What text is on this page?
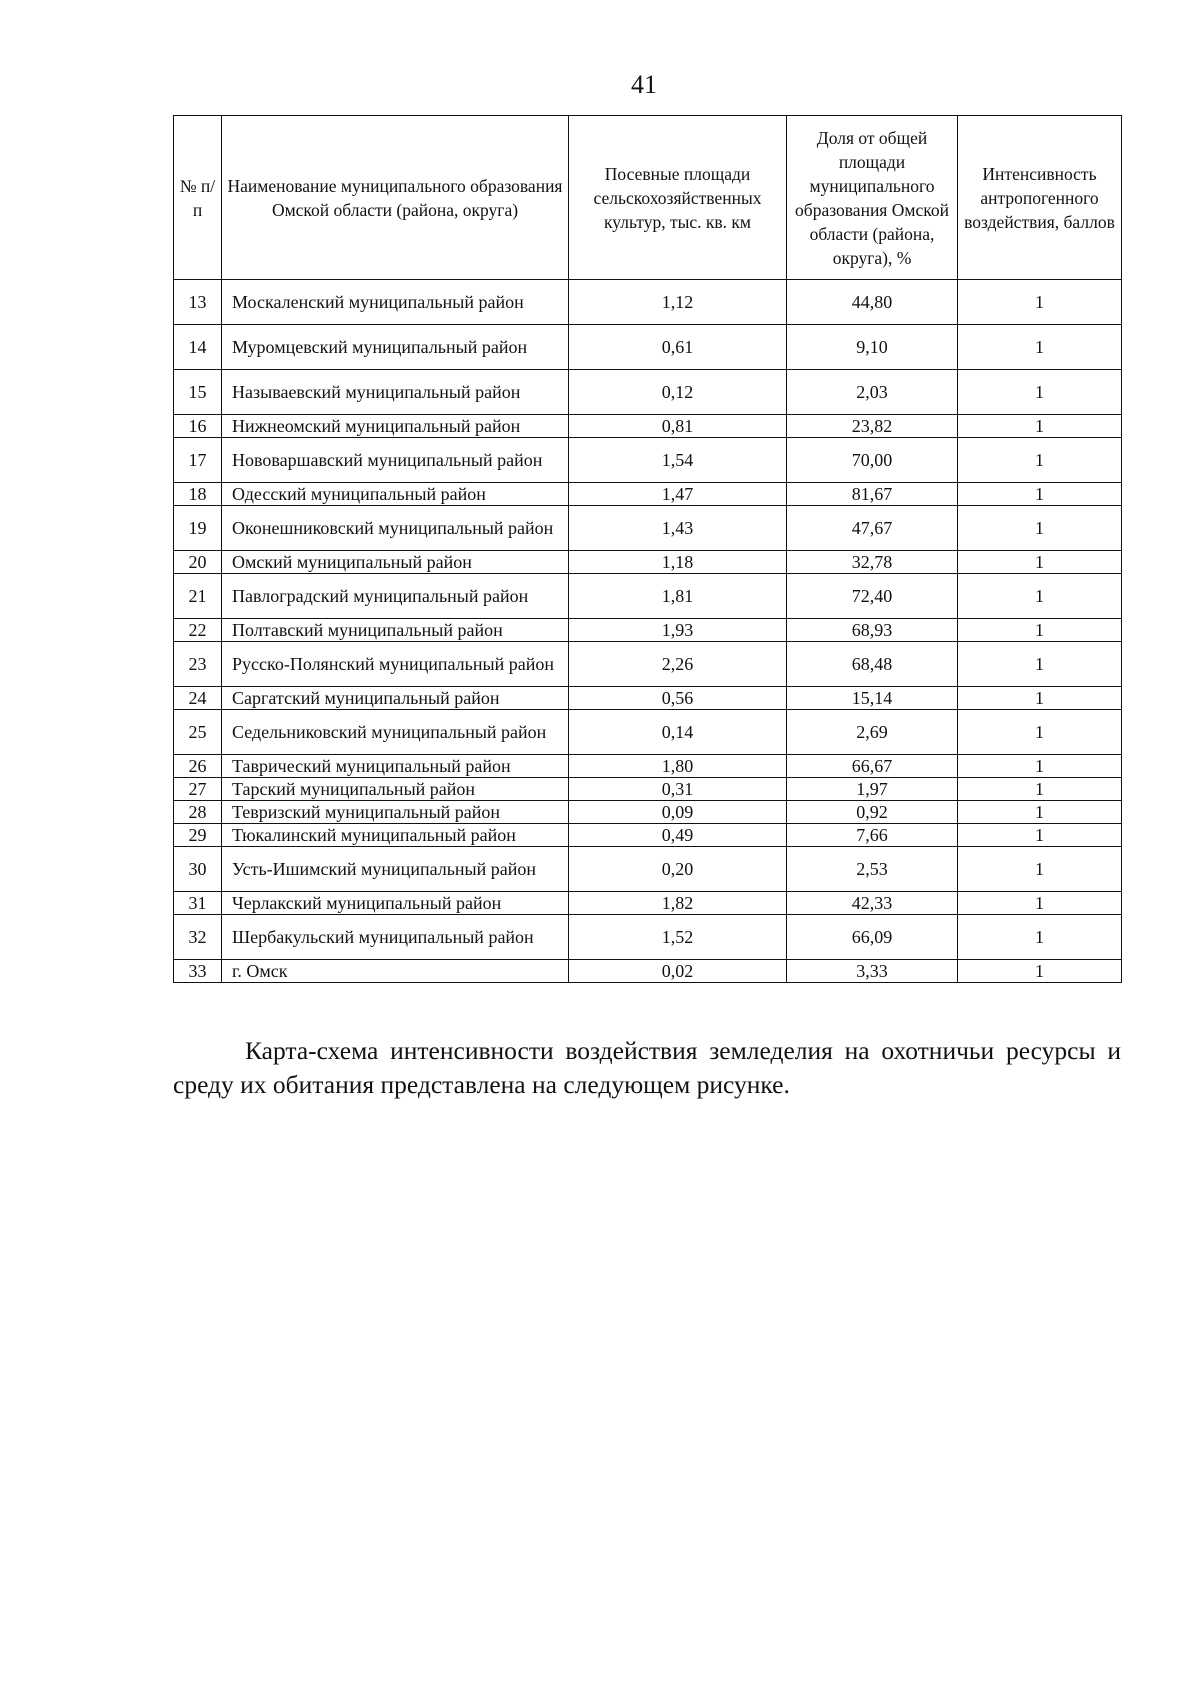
41
№ п/п	Наименование муниципального образования Омской области (района, округа)	Посевные площади сельскохозяйственных культур, тыс. кв. км	Доля от общей площади муниципального образования Омской области (района, округа), %	Интенсивность антропогенного воздействия, баллов
13	Москаленский муниципальный район	1,12	44,80	1
14	Муромцевский муниципальный район	0,61	9,10	1
15	Называевский муниципальный район	0,12	2,03	1
16	Нижнеомский муниципальный район	0,81	23,82	1
17	Нововаршавский муниципальный район	1,54	70,00	1
18	Одесский муниципальный район	1,47	81,67	1
19	Оконешниковский муниципальный район	1,43	47,67	1
20	Омский муниципальный район	1,18	32,78	1
21	Павлоградский муниципальный район	1,81	72,40	1
22	Полтавский муниципальный район	1,93	68,93	1
23	Русско-Полянский муниципальный район	2,26	68,48	1
24	Саргатский муниципальный район	0,56	15,14	1
25	Седельниковский муниципальный район	0,14	2,69	1
26	Таврический муниципальный район	1,80	66,67	1
27	Тарский муниципальный район	0,31	1,97	1
28	Тевризский муниципальный район	0,09	0,92	1
29	Тюкалинский муниципальный район	0,49	7,66	1
30	Усть-Ишимский муниципальный район	0,20	2,53	1
31	Черлакский муниципальный район	1,82	42,33	1
32	Шербакульский муниципальный район	1,52	66,09	1
33	г. Омск	0,02	3,33	1
Карта-схема интенсивности воздействия земледелия на охотничьи ресурсы и среду их обитания представлена на следующем рисунке.
